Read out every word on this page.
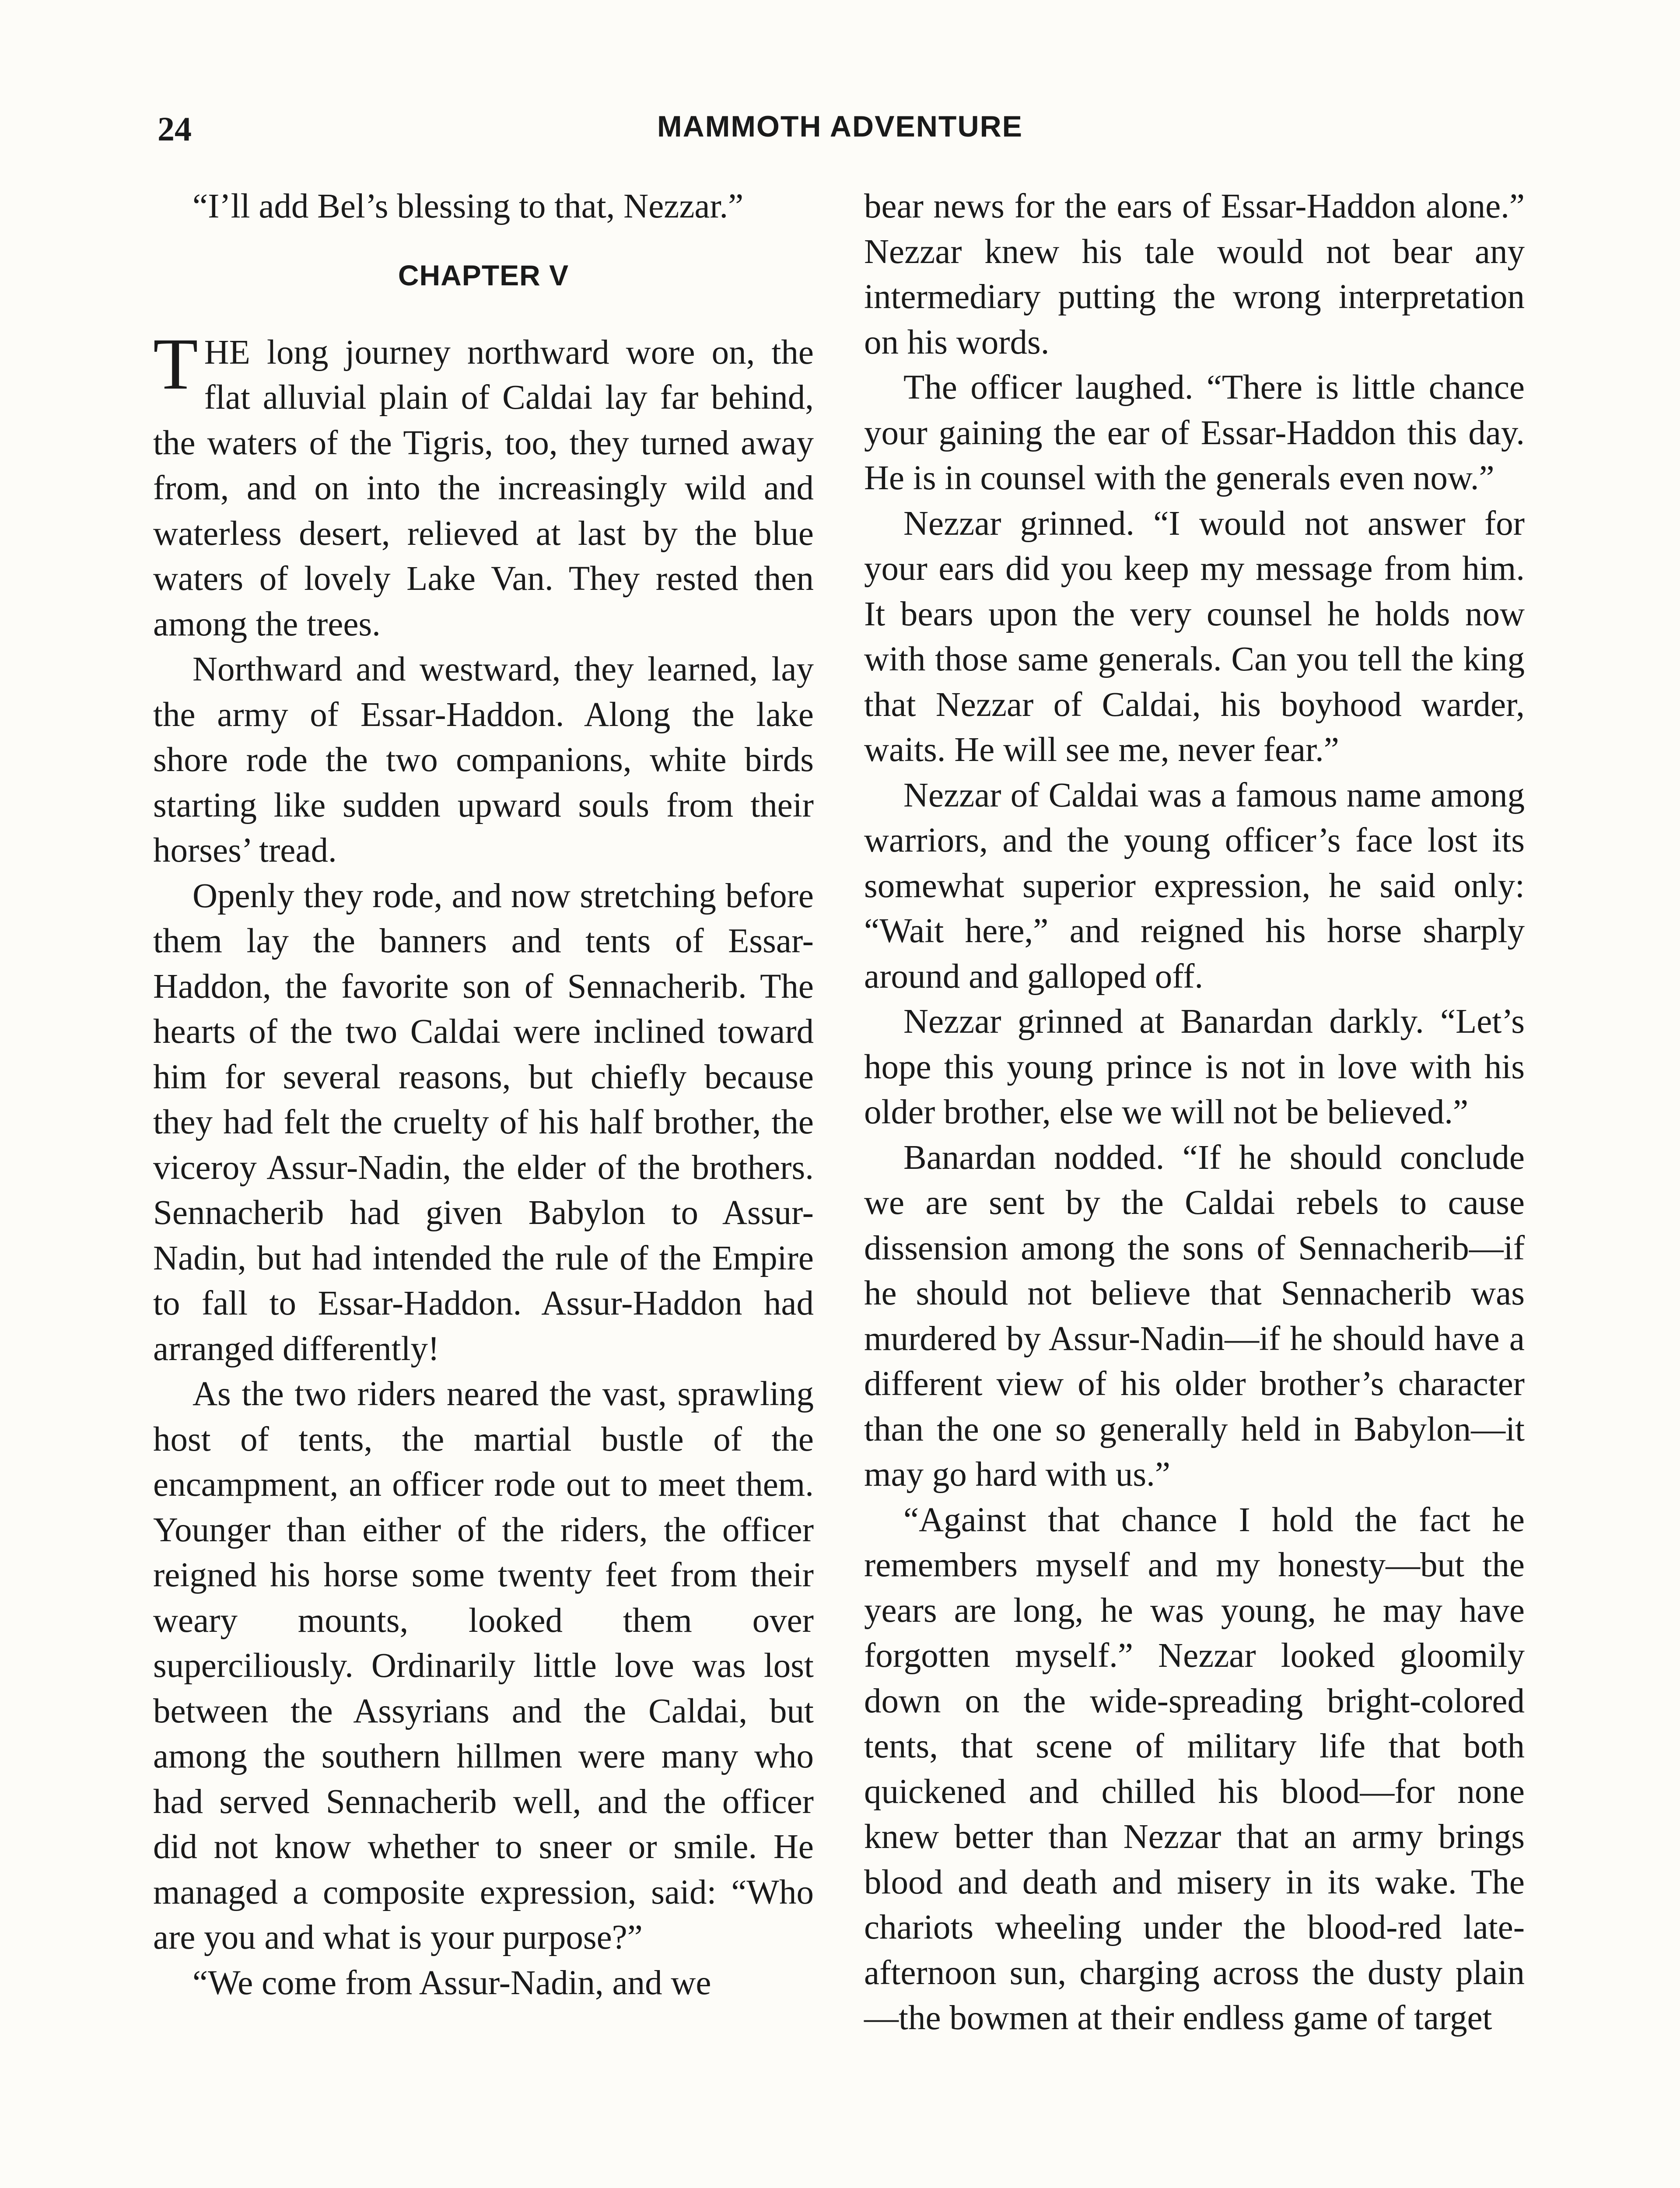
24	MAMMOTH ADVENTURE

“I’ll add Bel’s blessing to that, Nezzar.”

CHAPTER V

THE long journey northward wore on, the flat alluvial plain of Caldai lay far behind, the waters of the Tigris, too, they turned away from, and on into the increasingly wild and waterless desert, relieved at last by the blue waters of lovely Lake Van. They rested then among the trees.

Northward and westward, they learned, lay the army of Essar-Haddon. Along the lake shore rode the two companions, white birds starting like sudden upward souls from their horses’ tread.

Openly they rode, and now stretching before them lay the banners and tents of Essar-Haddon, the favorite son of Sennacherib. The hearts of the two Caldai were inclined toward him for several reasons, but chiefly because they had felt the cruelty of his half brother, the viceroy Assur-Nadin, the elder of the brothers. Sennacherib had given Babylon to Assur-Nadin, but had intended the rule of the Empire to fall to Essar-Haddon. Assur-Haddon had arranged differently!

As the two riders neared the vast, sprawling host of tents, the martial bustle of the encampment, an officer rode out to meet them. Younger than either of the riders, the officer reigned his horse some twenty feet from their weary mounts, looked them over superciliously. Ordinarily little love was lost between the Assyrians and the Caldai, but among the southern hillmen were many who had served Sennacherib well, and the officer did not know whether to sneer or smile. He managed a composite expression, said: “Who are you and what is your purpose?”

“We come from Assur-Nadin, and we

bear news for the ears of Essar-Haddon alone.” Nezzar knew his tale would not bear any intermediary putting the wrong interpretation on his words.

The officer laughed. “There is little chance your gaining the ear of Essar-Haddon this day. He is in counsel with the generals even now.”

Nezzar grinned. “I would not answer for your ears did you keep my message from him. It bears upon the very counsel he holds now with those same generals. Can you tell the king that Nezzar of Caldai, his boyhood warder, waits. He will see me, never fear.”

Nezzar of Caldai was a famous name among warriors, and the young officer’s face lost its somewhat superior expression, he said only: “Wait here,” and reigned his horse sharply around and galloped off.

Nezzar grinned at Banardan darkly. “Let’s hope this young prince is not in love with his older brother, else we will not be believed.”

Banardan nodded. “If he should conclude we are sent by the Caldai rebels to cause dissension among the sons of Sennacherib—if he should not believe that Sennacherib was murdered by Assur-Nadin—if he should have a different view of his older brother’s character than the one so generally held in Babylon—it may go hard with us.”

“Against that chance I hold the fact he remembers myself and my honesty—but the years are long, he was young, he may have forgotten myself.” Nezzar looked gloomily down on the wide-spreading bright-colored tents, that scene of military life that both quickened and chilled his blood—for none knew better than Nezzar that an army brings blood and death and misery in its wake. The chariots wheeling under the blood-red late-afternoon sun, charging across the dusty plain—the bowmen at their endless game of target
